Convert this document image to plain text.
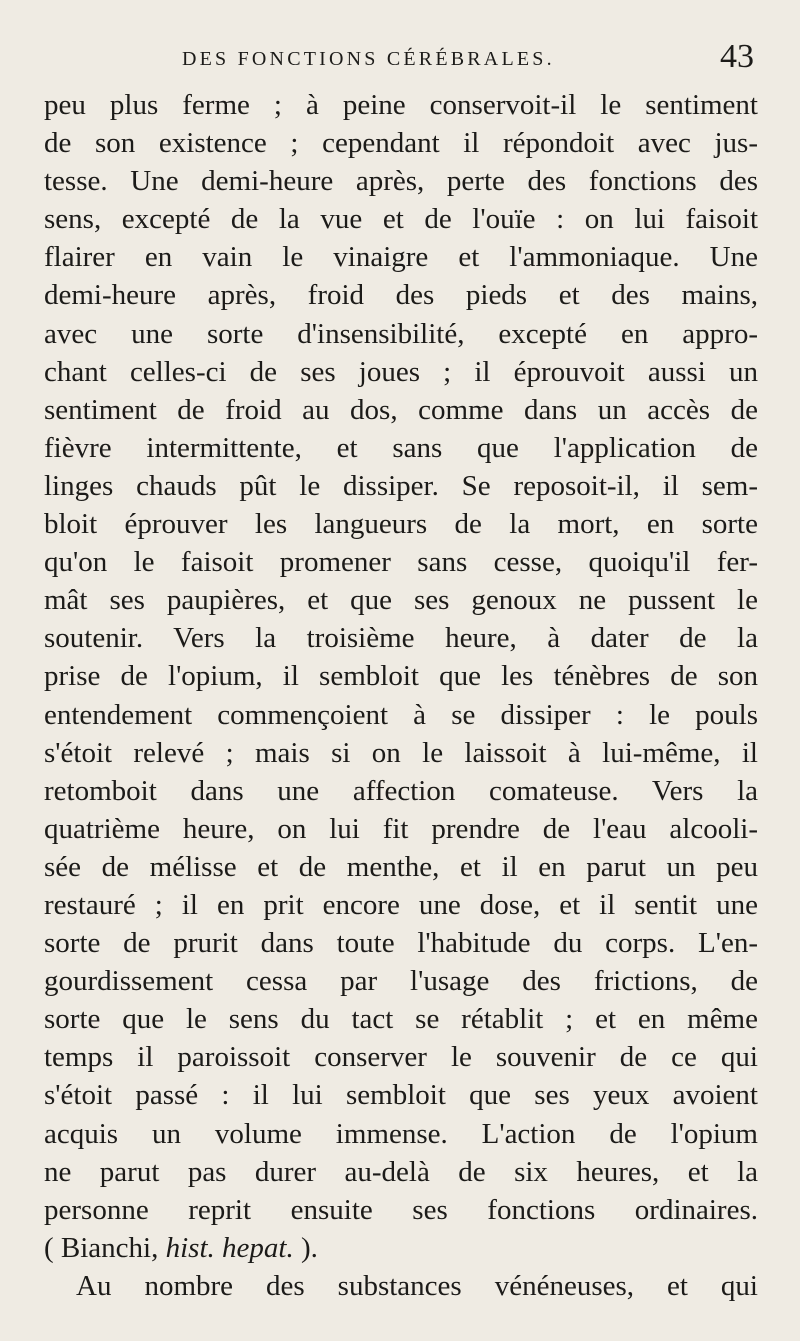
DES FONCTIONS CÉRÉBRALES.	43
peu plus ferme ; à peine conservoit-il le sentiment
de son existence ; cependant il répondoit avec jus-
tesse. Une demi-heure après, perte des fonctions des
sens, excepté de la vue et de l'ouïe : on lui faisoit
flairer en vain le vinaigre et l'ammoniaque. Une
demi-heure après, froid des pieds et des mains,
avec une sorte d'insensibilité, excepté en appro-
chant celles-ci de ses joues ; il éprouvoit aussi un
sentiment de froid au dos, comme dans un accès de
fièvre intermittente, et sans que l'application de
linges chauds pût le dissiper. Se reposoit-il, il sem-
bloit éprouver les langueurs de la mort, en sorte
qu'on le faisoit promener sans cesse, quoiqu'il fer-
mât ses paupières, et que ses genoux ne pussent le
soutenir. Vers la troisième heure, à dater de la
prise de l'opium, il sembloit que les ténèbres de son
entendement commençoient à se dissiper : le pouls
s'étoit relevé ; mais si on le laissoit à lui-même, il
retomboit dans une affection comateuse. Vers la
quatrième heure, on lui fit prendre de l'eau alcooli-
sée de mélisse et de menthe, et il en parut un peu
restauré ; il en prit encore une dose, et il sentit une
sorte de prurit dans toute l'habitude du corps. L'en-
gourdissement cessa par l'usage des frictions, de
sorte que le sens du tact se rétablit ; et en même
temps il paroissoit conserver le souvenir de ce qui
s'étoit passé : il lui sembloit que ses yeux avoient
acquis un volume immense. L'action de l'opium
ne parut pas durer au-delà de six heures, et la
personne reprit ensuite ses fonctions ordinaires.
( Bianchi, hist. hepat. ).
Au nombre des substances vénéneuses, et qui
